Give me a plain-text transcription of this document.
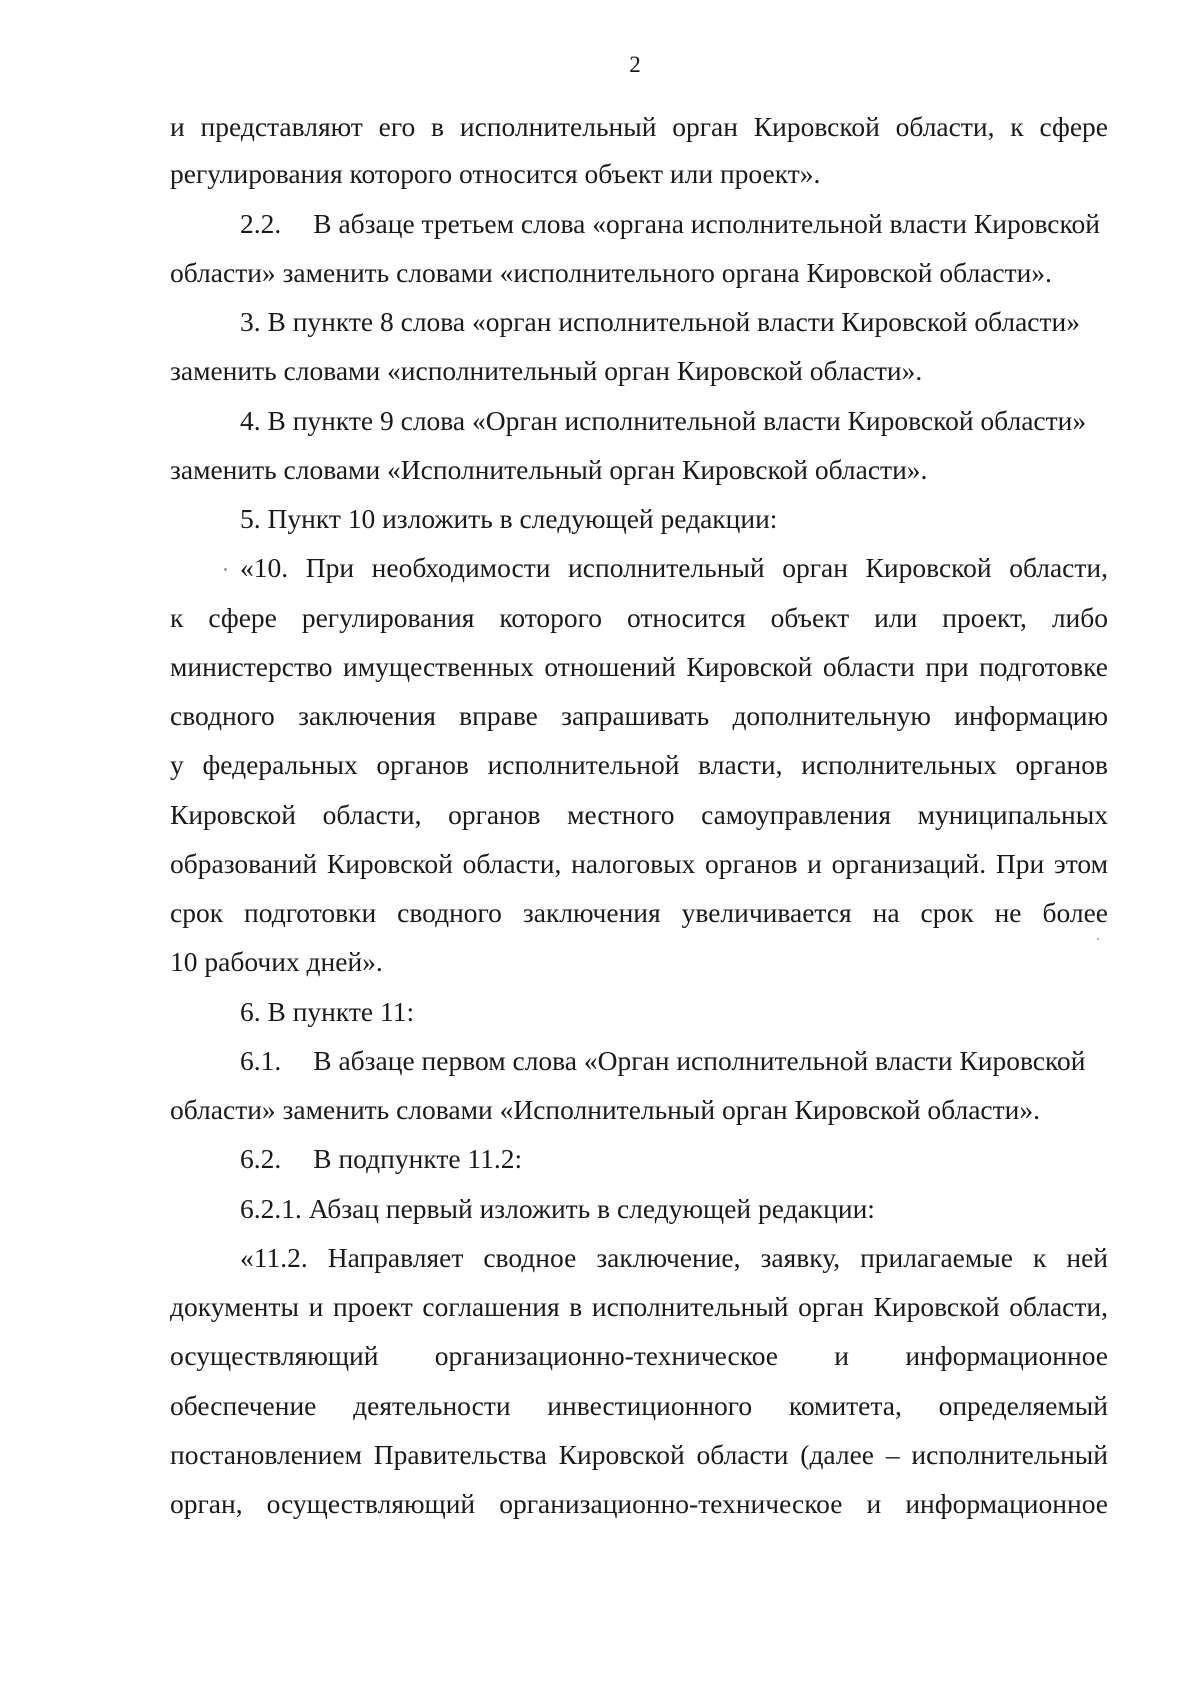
2
и представляют его в исполнительный орган Кировской области, к сфере
регулирования которого относится объект или проект».
2.2. В абзаце третьем слова «органа исполнительной власти Кировской
области» заменить словами «исполнительного органа Кировской области».
3. В пункте 8 слова «орган исполнительной власти Кировской области»
заменить словами «исполнительный орган Кировской области».
4. В пункте 9 слова «Орган исполнительной власти Кировской области»
заменить словами «Исполнительный орган Кировской области».
5. Пункт 10 изложить в следующей редакции:
«10. При необходимости исполнительный орган Кировской области,
к сфере регулирования которого относится объект или проект, либо
министерство имущественных отношений Кировской области при подготовке
сводного заключения вправе запрашивать дополнительную информацию
у федеральных органов исполнительной власти, исполнительных органов
Кировской области, органов местного самоуправления муниципальных
образований Кировской области, налоговых органов и организаций. При этом
срок подготовки сводного заключения увеличивается на срок не более
10 рабочих дней».
6. В пункте 11:
6.1. В абзаце первом слова «Орган исполнительной власти Кировской
области» заменить словами «Исполнительный орган Кировской области».
6.2. В подпункте 11.2:
6.2.1. Абзац первый изложить в следующей редакции:
«11.2. Направляет сводное заключение, заявку, прилагаемые к ней
документы и проект соглашения в исполнительный орган Кировской области,
осуществляющий организационно-техническое и информационное
обеспечение деятельности инвестиционного комитета, определяемый
постановлением Правительства Кировской области (далее – исполнительный
орган, осуществляющий организационно-техническое и информационное
